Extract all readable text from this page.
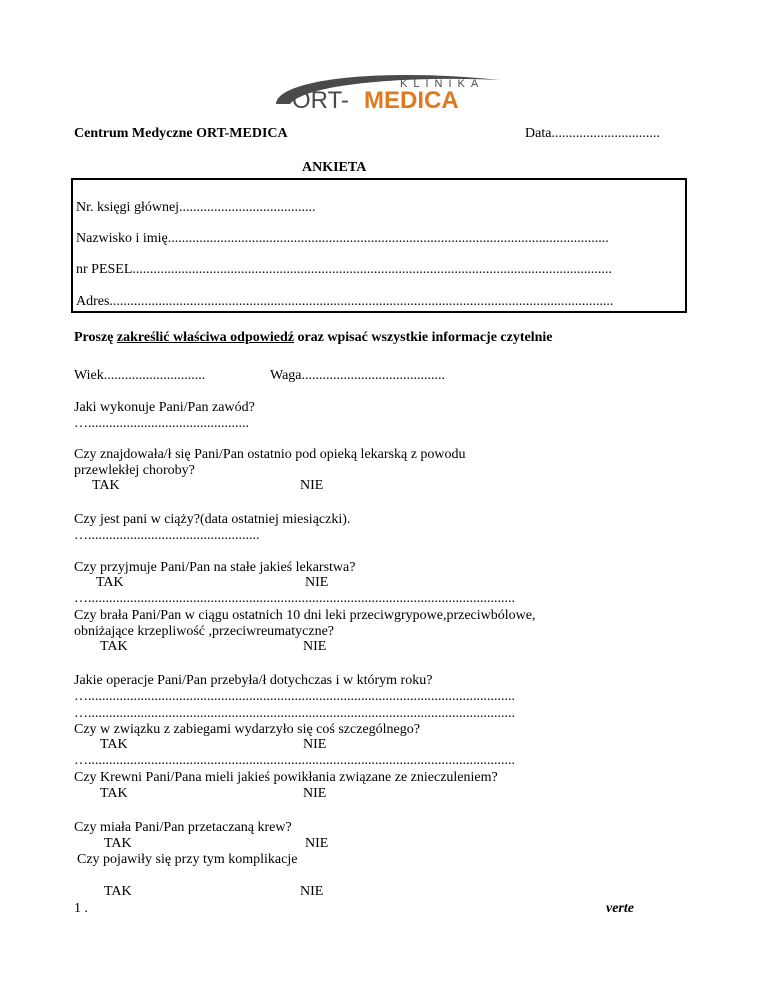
KLINIKA
ORT- MEDICA
Centrum Medyczne ORT-MEDICA	Data...............................
ANKIETA
Nr. księgi głównej.......................................
Nazwisko i imię..............................................................................................................................
nr PESEL.........................................................................................................................................
Adres................................................................................................................................................
Proszę zakreślić właściwa odpowiedź oraz wpisać wszystkie informacje czytelnie
Wiek.............................	Waga.........................................
Jaki wykonuje Pani/Pan zawód?
…..............................................
Czy znajdowała/ł się Pani/Pan ostatnio pod opieką lekarską z powodu
przewlekłej choroby?
TAK	NIE
Czy jest pani w ciąży?(data ostatniej miesiączki).
….................................................
Czy przyjmuje Pani/Pan na stałe jakieś lekarstwa?
TAK	NIE
…..........................................................................................................................
Czy brała Pani/Pan w ciągu ostatnich 10 dni leki przeciwgrypowe,przeciwbólowe,
obniżające krzepliwość ,przeciwreumatyczne?
TAK	NIE
Jakie operacje Pani/Pan przebyła/ł dotychczas i w którym roku?
…..........................................................................................................................
…..........................................................................................................................
Czy w związku z zabiegami wydarzyło się coś szczególnego?
TAK	NIE
…..........................................................................................................................
Czy Krewni Pani/Pana mieli jakieś powikłania związane ze znieczuleniem?
TAK	NIE
Czy miała Pani/Pan przetaczaną krew?
TAK	NIE
Czy pojawiły się przy tym komplikacje
TAK	NIE
1 .	verte
